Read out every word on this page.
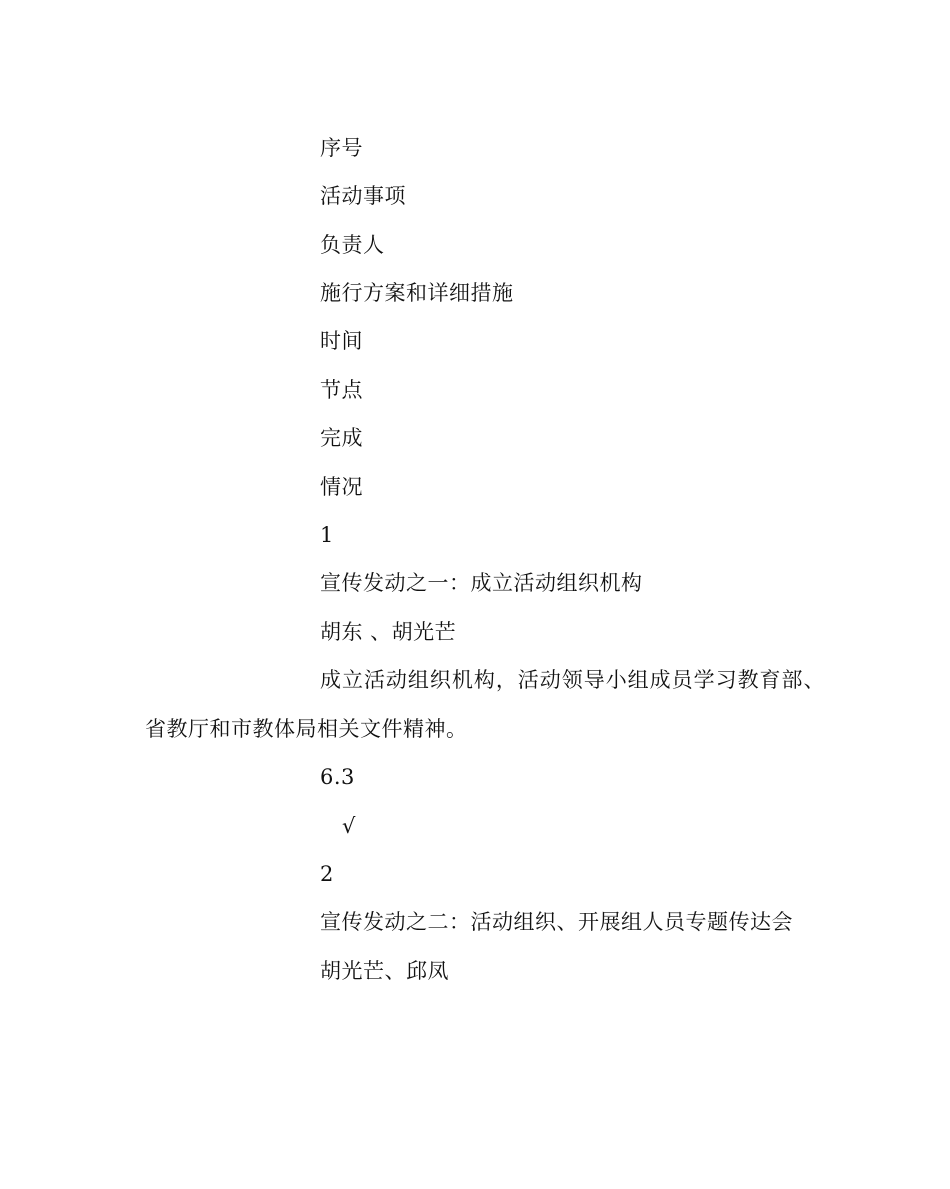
序号
活动事项
负责人
施行方案和详细措施
时间
节点
完成
情况
1
宣传发动之一：成立活动组织机构
胡东 、胡光芒
成立活动组织机构，活动领导小组成员学习教育部、省教厅和市教体局相关文件精神。
6.3
√
2
宣传发动之二：活动组织、开展组人员专题传达会
胡光芒、邱凤
